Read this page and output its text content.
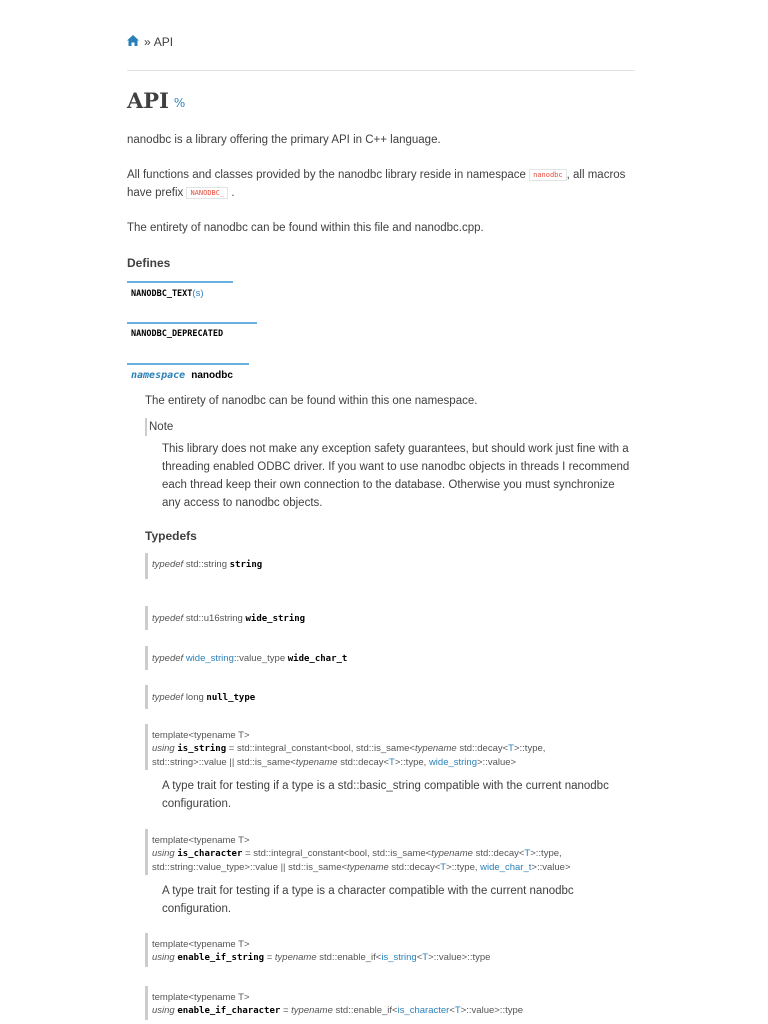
» API
API %

nanodbc is a library offering the primary API in C++ language.

All functions and classes provided by the nanodbc library reside in namespace nanodbc , all macros
have prefix NANODBC_ .

The entirety of nanodbc can be found within this file and nanodbc.cpp.

Defines
NANODBC_TEXT(s)
NANODBC_DEPRECATED
namespace nanodbc

The entirety of nanodbc can be found within this one namespace.

Note

This library does not make any exception safety guarantees, but should work just fine with a

threading enabled ODBC driver. If you want to use nanodbc objects in threads I recommend

each thread keep their own connection to the database. Otherwise you must synchronize

any access to nanodbc objects.

Typedefs
typedef std::string string
typedef std::u16string wide_string
typedef wide_string::value_type wide_char_t
typedef long null_type
template<typename T>
using is_string = std::integral_constant<bool, std::is_same<typename std::decay<T>::type,
std::string>::value || std::is_same<typename std::decay<T>::type, wide_string>::value>
A type trait for testing if a type is a std::basic_string compatible with the current nanodbc
configuration.
template<typename T>
using is_character = std::integral_constant<bool, std::is_same<typename std::decay<T>::type,
std::string::value_type>::value || std::is_same<typename std::decay<T>::type, wide_char_t>::value>
A type trait for testing if a type is a character compatible with the current nanodbc
configuration.
template<typename T>
using enable_if_string = typename std::enable_if<is_string<T>::value>::type
template<typename T>
using enable_if_character = typename std::enable_if<is_character<T>::value>::type
